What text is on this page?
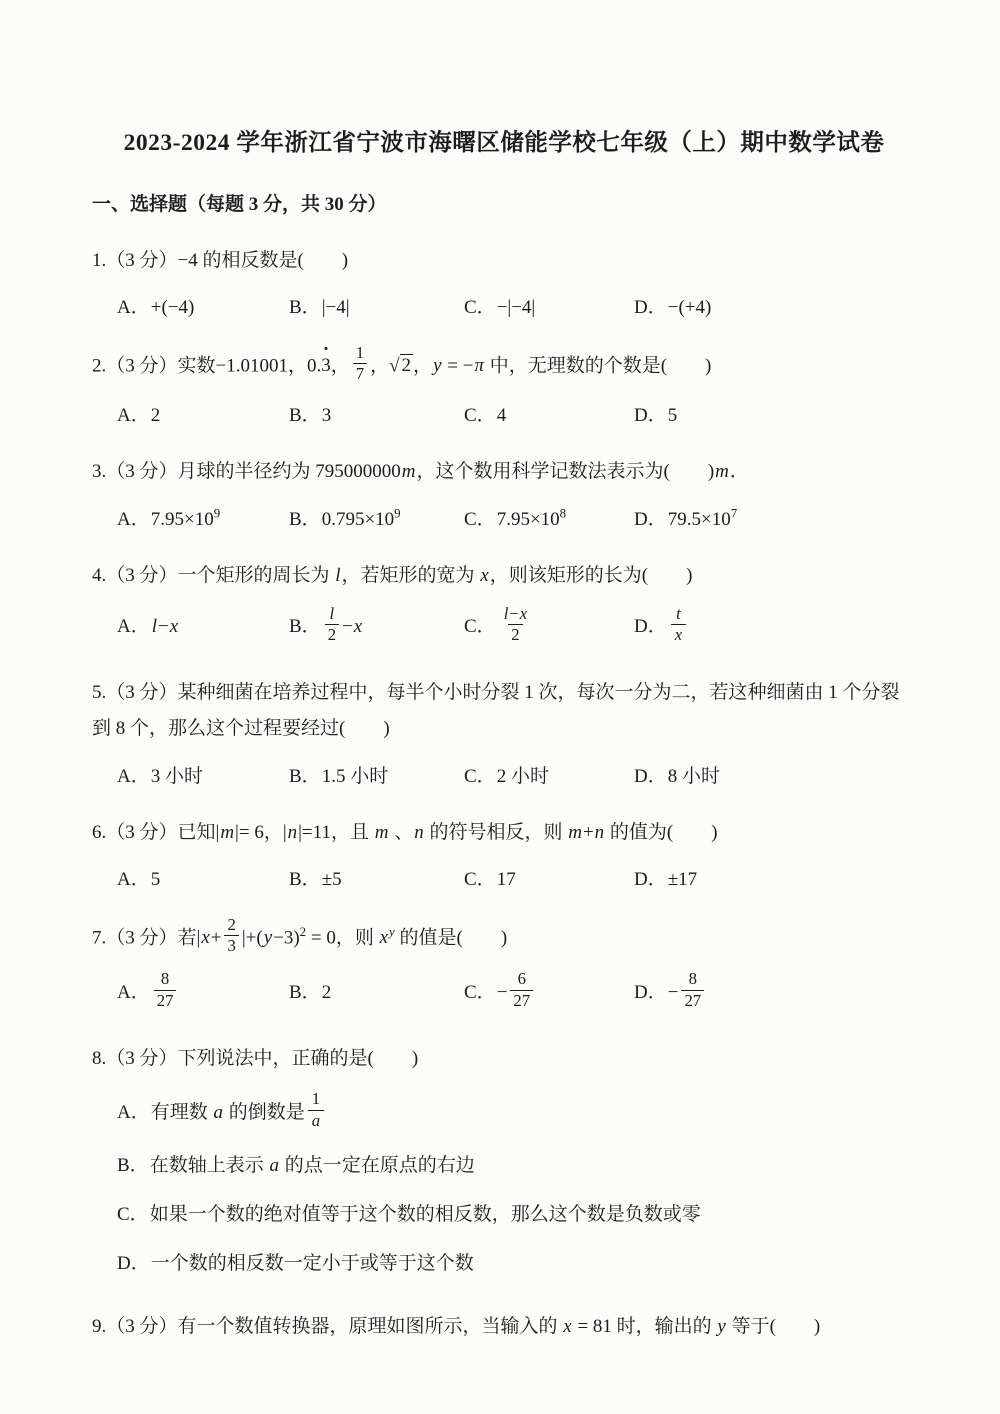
2023-2024 学年浙江省宁波市海曙区储能学校七年级（上）期中数学试卷
一、选择题（每题 3 分，共 30 分）

1.（3 分）−4 的相反数是(        )

A．+(−4)	B．|−4|	C．−|−4|	D．−(+4)

2.（3 分）实数−1.01001，0.3， $\frac{1}{7}$ ，√ 2 ，y = −π 中，无理数的个数是(        )

A．2	B．3	C．4	D．5

3.（3 分）月球的半径约为 795000000m，这个数用科学记数法表示为(        )m．

A．$7.95\times 10^9$	B．$0.795\times 10^9$	C．$7.95\times 10^8$	D．$79.5\times 10^7$

4.（3 分）一个矩形的周长为 l，若矩形的宽为 x，则该矩形的长为(        )

A． l−x	B． $\frac{l}{2} -x$	C． $\frac{l-x}{2}$	D． $\frac{t}{x}$

5.（3 分）某种细菌在培养过程中，每半个小时分裂 1 次，每次一分为二，若这种细菌由 1 个分裂到 8 个，那么这个过程要经过(        )

A．3 小时	B．1.5 小时	C．2 小时	D．8 小时

6.（3 分）已知|m|= 6，|n|=11，且 m 、n 的符号相反，则 m+n 的值为(        )

A．5	B．±5	C．17	D．±17

7.（3 分）若$|x+ \frac{2}{3} |+(y-3)^2 = 0$，则 $x^y$ 的值是(        )

A． $\frac{8}{27}$	B．2	C．− $\frac{6}{27}$	D．− $\frac{8}{27}$

8.（3 分）下列说法中，正确的是(        )

A．有理数 a 的倒数是 $\frac{1}{a}$
B．在数轴上表示 a 的点一定在原点的右边
C．如果一个数的绝对值等于这个数的相反数，那么这个数是负数或零
D．一个数的相反数一定小于或等于这个数

9.（3 分）有一个数值转换器，原理如图所示，当输入的 x = 81 时，输出的 y 等于(        )
